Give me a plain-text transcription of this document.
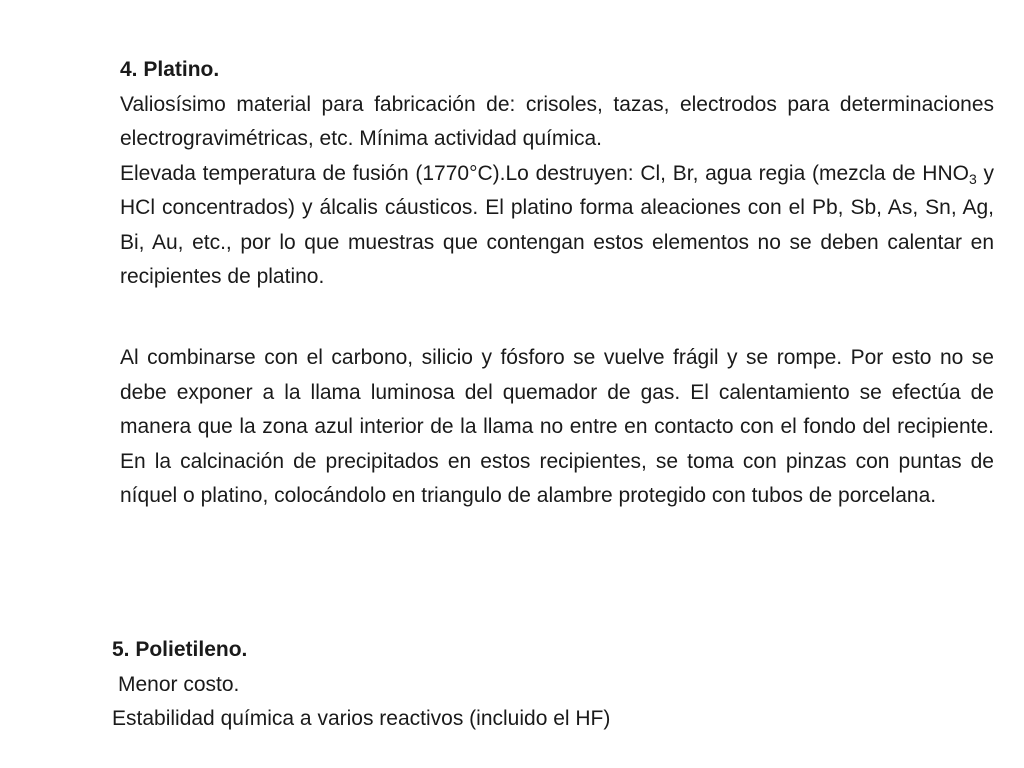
4. Platino.

Valiosísimo material para fabricación de: crisoles, tazas, electrodos para determinaciones electrogravimétricas, etc. Mínima actividad química.

Elevada temperatura de fusión (1770°C).Lo destruyen: Cl, Br, agua regia (mezcla de $HNO_3$ y HCl concentrados) y álcalis cáusticos. El platino forma aleaciones con el Pb, Sb, As, Sn, Ag, Bi, Au, etc., por lo que muestras que contengan estos elementos no se deben calentar en recipientes de platino.

Al combinarse con el carbono, silicio y fósforo se vuelve frágil y se rompe. Por esto no se debe exponer a la llama luminosa del quemador de gas. El calentamiento se efectúa de manera que la zona azul interior de la llama no entre en contacto con el fondo del recipiente. En la calcinación de precipitados en estos recipientes, se toma con pinzas con puntas de níquel o platino, colocándolo en triangulo de alambre protegido con tubos de porcelana.

5. Polietileno.

Menor costo.

Estabilidad química a varios reactivos (incluido el HF)
